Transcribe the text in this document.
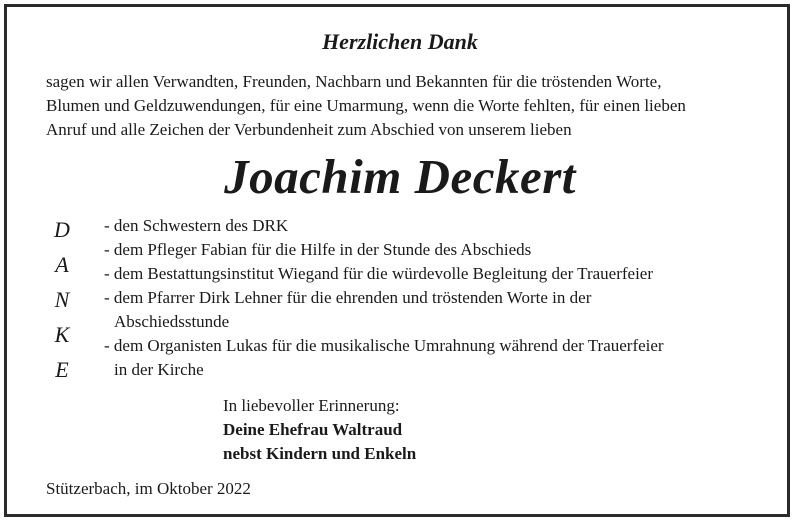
Herzlichen Dank
sagen wir allen Verwandten, Freunden, Nachbarn und Bekannten für die tröstenden Worte,
Blumen und Geldzuwendungen, für eine Umarmung, wenn die Worte fehlten, für einen lieben
Anruf und alle Zeichen der Verbundenheit zum Abschied von unserem lieben
Joachim Deckert
D
A
N
K
E
- den Schwestern des DRK
- dem Pfleger Fabian für die Hilfe in der Stunde des Abschieds
- dem Bestattungsinstitut Wiegand für die würdevolle Begleitung der Trauerfeier
- dem Pfarrer Dirk Lehner für die ehrenden und tröstenden Worte in der
Abschiedsstunde
- dem Organisten Lukas für die musikalische Umrahnung während der Trauerfeier
in der Kirche
In liebevoller Erinnerung:
Deine Ehefrau Waltraud
nebst Kindern und Enkeln
Stützerbach, im Oktober 2022
